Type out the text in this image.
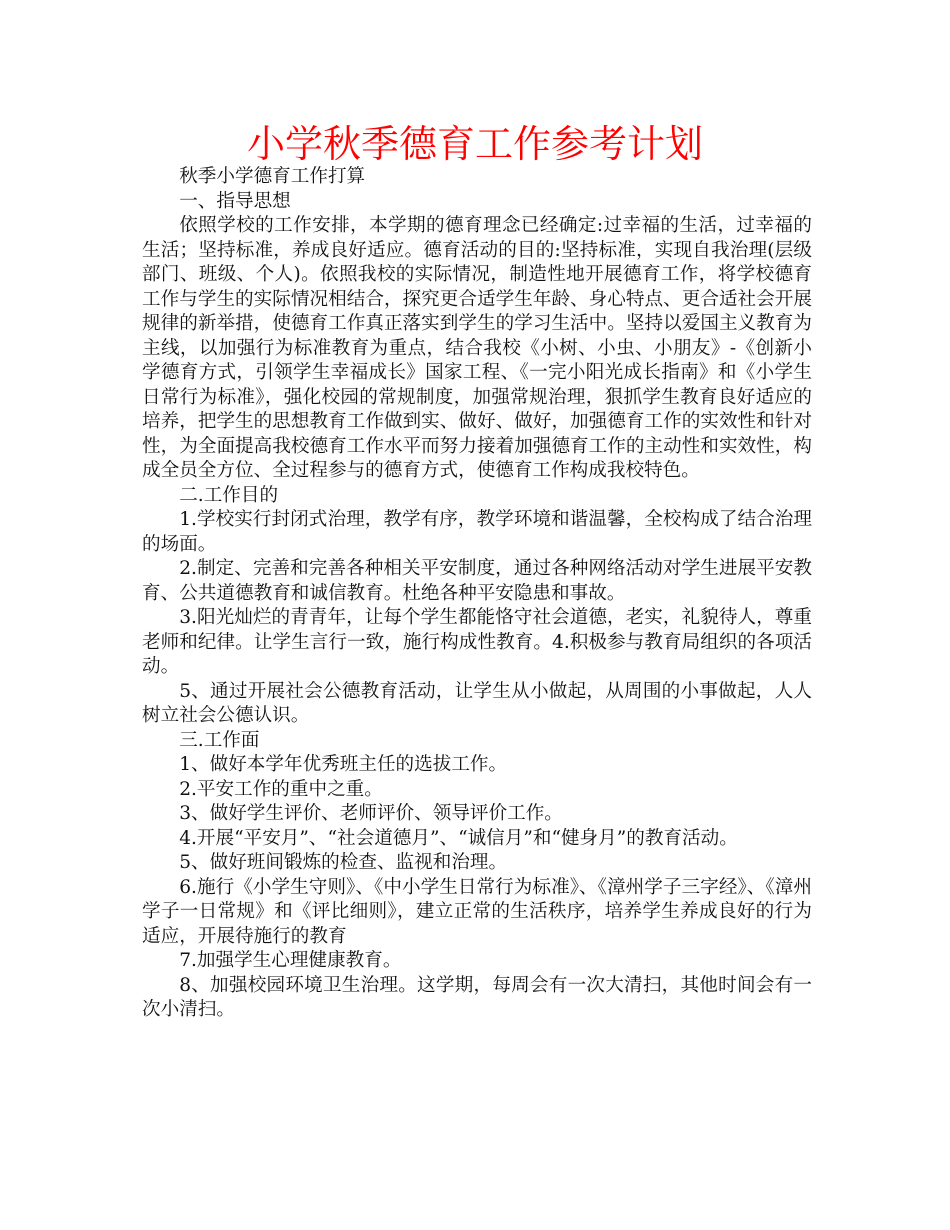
小学秋季德育工作参考计划

秋季小学德育工作打算

一、指导思想

依照学校的工作安排，本学期的德育理念已经确定:过幸福的生活，过幸福的生活；坚持标准，养成良好适应。德育活动的目的:坚持标准，实现自我治理(层级部门、班级、个人)。依照我校的实际情况，制造性地开展德育工作，将学校德育工作与学生的实际情况相结合，探究更合适学生年龄、身心特点、更合适社会开展规律的新举措，使德育工作真正落实到学生的学习生活中。坚持以爱国主义教育为主线，以加强行为标准教育为重点，结合我校《小树、小虫、小朋友》-《创新小学德育方式，引领学生幸福成长》国家工程、《一完小阳光成长指南》和《小学生日常行为标准》，强化校园的常规制度，加强常规治理，狠抓学生教育良好适应的培养，把学生的思想教育工作做到实、做好、做好，加强德育工作的实效性和针对性，为全面提高我校德育工作水平而努力接着加强德育工作的主动性和实效性，构成全员全方位、全过程参与的德育方式，使德育工作构成我校特色。

二.工作目的

1.学校实行封闭式治理，教学有序，教学环境和谐温馨，全校构成了结合治理的场面。

2.制定、完善和完善各种相关平安制度，通过各种网络活动对学生进展平安教育、公共道德教育和诚信教育。杜绝各种平安隐患和事故。

3.阳光灿烂的青青年，让每个学生都能恪守社会道德，老实，礼貌待人，尊重老师和纪律。让学生言行一致，施行构成性教育。4.积极参与教育局组织的各项活动。

5、通过开展社会公德教育活动，让学生从小做起，从周围的小事做起，人人树立社会公德认识。

三.工作面

1、做好本学年优秀班主任的选拔工作。

2.平安工作的重中之重。

3、做好学生评价、老师评价、领导评价工作。

4.开展“平安月”、“社会道德月”、“诚信月”和“健身月”的教育活动。

5、做好班间锻炼的检查、监视和治理。

6.施行《小学生守则》、《中小学生日常行为标准》、《漳州学子三字经》、《漳州学子一日常规》和《评比细则》，建立正常的生活秩序，培养学生养成良好的行为适应，开展待施行的教育

7.加强学生心理健康教育。

8、加强校园环境卫生治理。这学期，每周会有一次大清扫，其他时间会有一次小清扫。
